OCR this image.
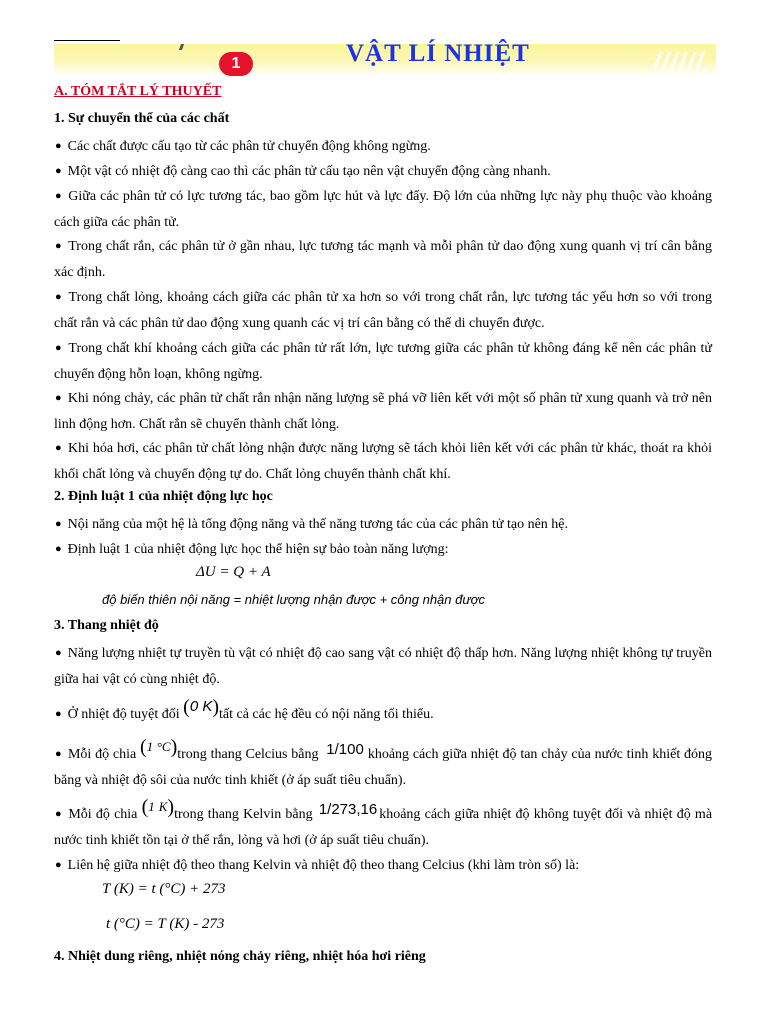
1	VẬT LÍ NHIỆT
A. TÓM TẮT LÝ THUYẾT
1. Sự chuyển thể của các chất
● Các chất được cấu tạo từ các phân tử chuyển động không ngừng.
● Một vật có nhiệt độ càng cao thì các phân tử cấu tạo nên vật chuyển động càng nhanh.
● Giữa các phân tử có lực tương tác, bao gồm lực hút và lực đẩy. Độ lớn của những lực này phụ thuộc vào khoảng cách giữa các phân tử.
● Trong chất rắn, các phân tử ở gần nhau, lực tương tác mạnh và mỗi phân tử dao động xung quanh vị trí cân bằng xác định.
● Trong chất lỏng, khoảng cách giữa các phân tử xa hơn so với trong chất rắn, lực tương tác yếu hơn so với trong chất rắn và các phân tử dao động xung quanh các vị trí cân bằng có thể di chuyển được.
● Trong chất khí khoảng cách giữa các phân tử rất lớn, lực tương giữa các phân tử không đáng kể nên các phân tử chuyển động hỗn loạn, không ngừng.
● Khi nóng chảy, các phân tử chất rắn nhận năng lượng sẽ phá vỡ liên kết với một số phân tử xung quanh và trở nên linh động hơn. Chất rắn sẽ chuyển thành chất lỏng.
● Khi hóa hơi, các phân tử chất lỏng nhận được năng lượng sẽ tách khỏi liên kết với các phân tử khác, thoát ra khỏi khối chất lỏng và chuyển động tự do. Chất lỏng chuyển thành chất khí.
2. Định luật 1 của nhiệt động lực học
● Nội năng của một hệ là tổng động năng và thế năng tương tác của các phân tử tạo nên hệ.
● Định luật 1 của nhiệt động lực học thể hiện sự bảo toàn năng lượng:
ΔU = Q + A
độ biến thiên nội năng = nhiệt lượng nhận được + công nhận được
3. Thang nhiệt độ
● Năng lượng nhiệt tự truyền tù vật có nhiệt độ cao sang vật có nhiệt độ thấp hơn. Năng lượng nhiệt không tự truyền giữa hai vật có cùng nhiệt độ.
● Ở nhiệt độ tuyệt đối (0 K)tất cả các hệ đều có nội năng tối thiểu.
● Mỗi độ chia (1 °C)trong thang Celcius bằng 1/100 khoảng cách giữa nhiệt độ tan chảy của nước tinh khiết đóng băng và nhiệt độ sôi của nước tinh khiết (ở áp suất tiêu chuẩn).
● Mỗi độ chia (1 K)trong thang Kelvin bằng 1/273,16 khoảng cách giữa nhiệt độ không tuyệt đối và nhiệt độ mà nước tinh khiết tồn tại ở thể rắn, lỏng và hơi (ở áp suất tiêu chuẩn).
● Liên hệ giữa nhiệt độ theo thang Kelvin và nhiệt độ theo thang Celcius (khi làm tròn số) là:
T (K) = t (°C) + 273
t (°C) = T (K) - 273
4. Nhiệt dung riêng, nhiệt nóng chảy riêng, nhiệt hóa hơi riêng
